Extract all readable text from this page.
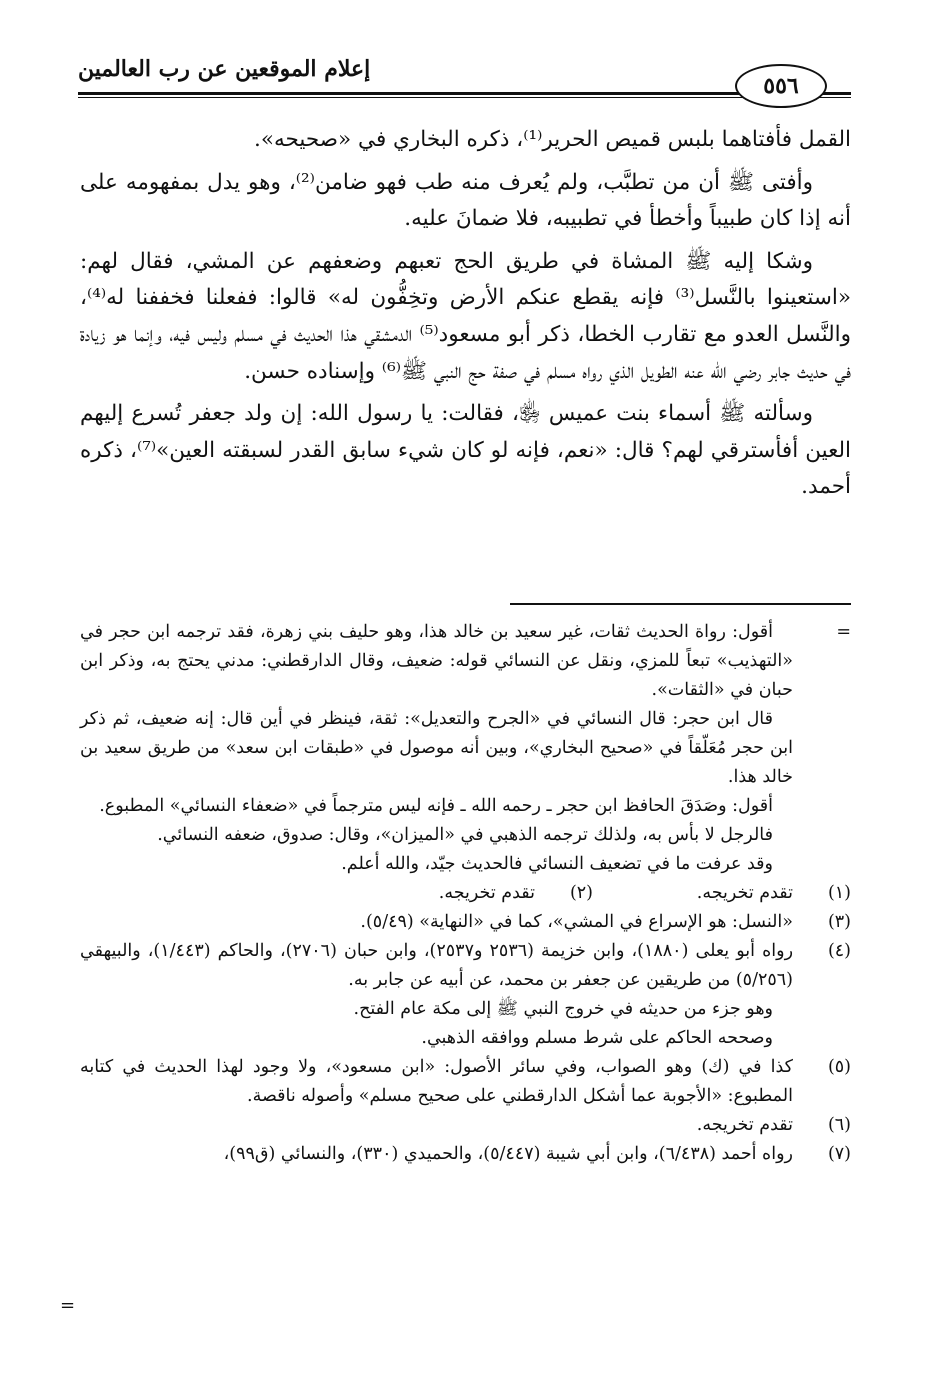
إعلام الموقعين عن رب العالمين
٥٥٦

القمل فأفتاهما بلبس قميص الحرير⁽¹⁾، ذكره البخاري في «صحيحه».

وأفتى ﷺ أن من تطبَّب، ولم يُعرف منه طب فهو ضامن⁽²⁾، وهو يدل بمفهومه على أنه إذا كان طبيباً وأخطأ في تطبيبه، فلا ضمانَ عليه.

وشكا إليه ﷺ المشاة في طريق الحج تعبهم وضعفهم عن المشي، فقال لهم: «استعينوا بالنَّسل⁽³⁾ فإنه يقطع عنكم الأرض وتخِفُّون له» قالوا: ففعلنا فخففنا له⁽⁴⁾، والنَّسل العدو مع تقارب الخطا، ذكر أبو مسعود⁽⁵⁾ الدمشقي هذا الحديث في مسلم وليس فيه، وإنما هو زيادة في حديث جابر رضي الله عنه الطويل الذي رواه مسلم في صفة حج النبي ﷺ⁽⁶⁾ وإسناده حسن.

وسألته ﷺ أسماء بنت عميس ﵂، فقالت: يا رسول الله: إن ولد جعفر تُسرع إليهم العين أفأسترقي لهم؟ قال: «نعم، فإنه لو كان شيء سابق القدر لسبقته العين»⁽⁷⁾، ذكره أحمد.

=

أقول: رواة الحديث ثقات، غير سعيد بن خالد هذا، وهو حليف بني زهرة، فقد ترجمه ابن حجر في «التهذيب» تبعاً للمزي، ونقل عن النسائي قوله: ضعيف، وقال الدارقطني: مدني يحتج به، وذكر ابن حبان في «الثقات».

قال ابن حجر: قال النسائي في «الجرح والتعديل»: ثقة، فينظر في أين قال: إنه ضعيف، ثم ذكر ابن حجر مُعَلّقاً في «صحيح البخاري»، وبين أنه موصول في «طبقات ابن سعد» من طريق سعيد بن خالد هذا.

أقول: وصَدَقَ الحافظ ابن حجر ـ رحمه الله ـ فإنه ليس مترجماً في «ضعفاء النسائي» المطبوع.

فالرجل لا بأس به، ولذلك ترجمه الذهبي في «الميزان»، وقال: صدوق، ضعفه النسائي.

وقد عرفت ما في تضعيف النسائي فالحديث جيّد، والله أعلم.

(١)
تقدم تخريجه.
(٢)
تقدم تخريجه.
(٣)
«النسل: هو الإسراع في المشي»، كما في «النهاية» (٥/٤٩).
(٤)
رواه أبو يعلى (١٨٨٠)، وابن خزيمة (٢٥٣٦ و٢٥٣٧)، وابن حبان (٢٧٠٦)، والحاكم (١/٤٤٣)، والبيهقي (٥/٢٥٦) من طريقين عن جعفر بن محمد، عن أبيه عن جابر به.

وهو جزء من حديثه في خروج النبي ﷺ إلى مكة عام الفتح.

وصححه الحاكم على شرط مسلم ووافقه الذهبي.

(٥)
كذا في (ك) وهو الصواب، وفي سائر الأصول: «ابن مسعود»، ولا وجود لهذا الحديث في كتابه المطبوع: «الأجوبة عما أشكل الدارقطني على صحيح مسلم» وأصوله ناقصة.
(٦)
تقدم تخريجه.
(٧)
رواه أحمد (٦/٤٣٨)، وابن أبي شيبة (٥/٤٤٧)، والحميدي (٣٣٠)، والنسائي (ق٩٩)،
=
